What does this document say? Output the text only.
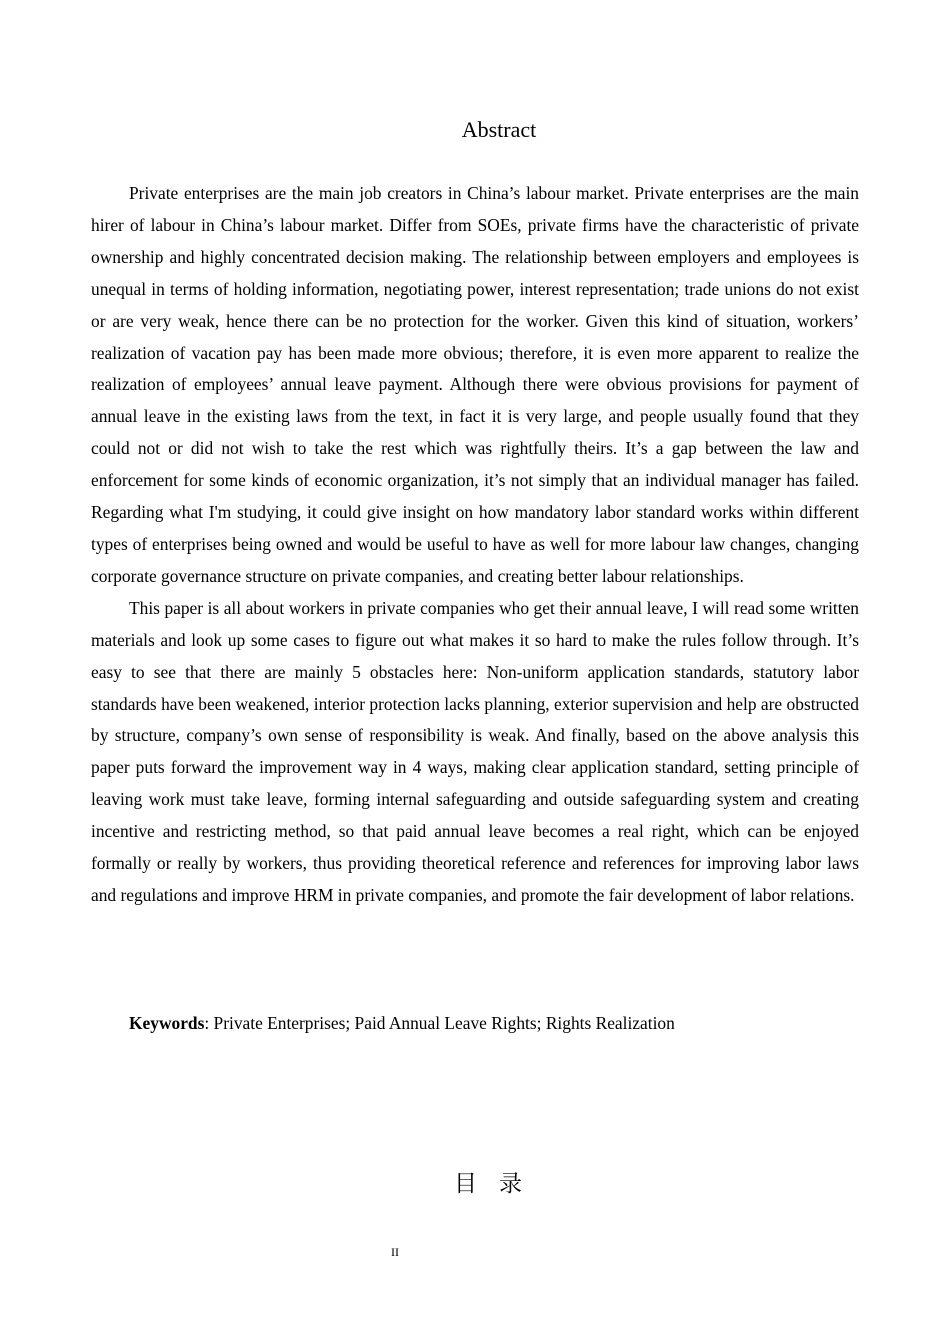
Abstract

Private enterprises are the main job creators in China’s labour market. Private enterprises are the main hirer of labour in China’s labour market. Differ from SOEs, private firms have the characteristic of private ownership and highly concentrated decision making. The relationship between employers and employees is unequal in terms of holding information, negotiating power, interest representation; trade unions do not exist or are very weak, hence there can be no protection for the worker. Given this kind of situation, workers’ realization of vacation pay has been made more obvious; therefore, it is even more apparent to realize the realization of employees’ annual leave payment. Although there were obvious provisions for payment of annual leave in the existing laws from the text, in fact it is very large, and people usually found that they could not or did not wish to take the rest which was rightfully theirs. It’s a gap between the law and enforcement for some kinds of economic organization, it’s not simply that an individual manager has failed. Regarding what I'm studying, it could give insight on how mandatory labor standard works within different types of enterprises being owned and would be useful to have as well for more labour law changes, changing corporate governance structure on private companies, and creating better labour relationships.

This paper is all about workers in private companies who get their annual leave, I will read some written materials and look up some cases to figure out what makes it so hard to make the rules follow through. It’s easy to see that there are mainly 5 obstacles here: Non-uniform application standards, statutory labor standards have been weakened, interior protection lacks planning, exterior supervision and help are obstructed by structure, company’s own sense of responsibility is weak. And finally, based on the above analysis this paper puts forward the improvement way in 4 ways, making clear application standard, setting principle of leaving work must take leave, forming internal safeguarding and outside safeguarding system and creating incentive and restricting method, so that paid annual leave becomes a real right, which can be enjoyed formally or really by workers, thus providing theoretical reference and references for improving labor laws and regulations and improve HRM in private companies, and promote the fair development of labor relations.

Keywords: Private Enterprises; Paid Annual Leave Rights; Rights Realization

目录
II
